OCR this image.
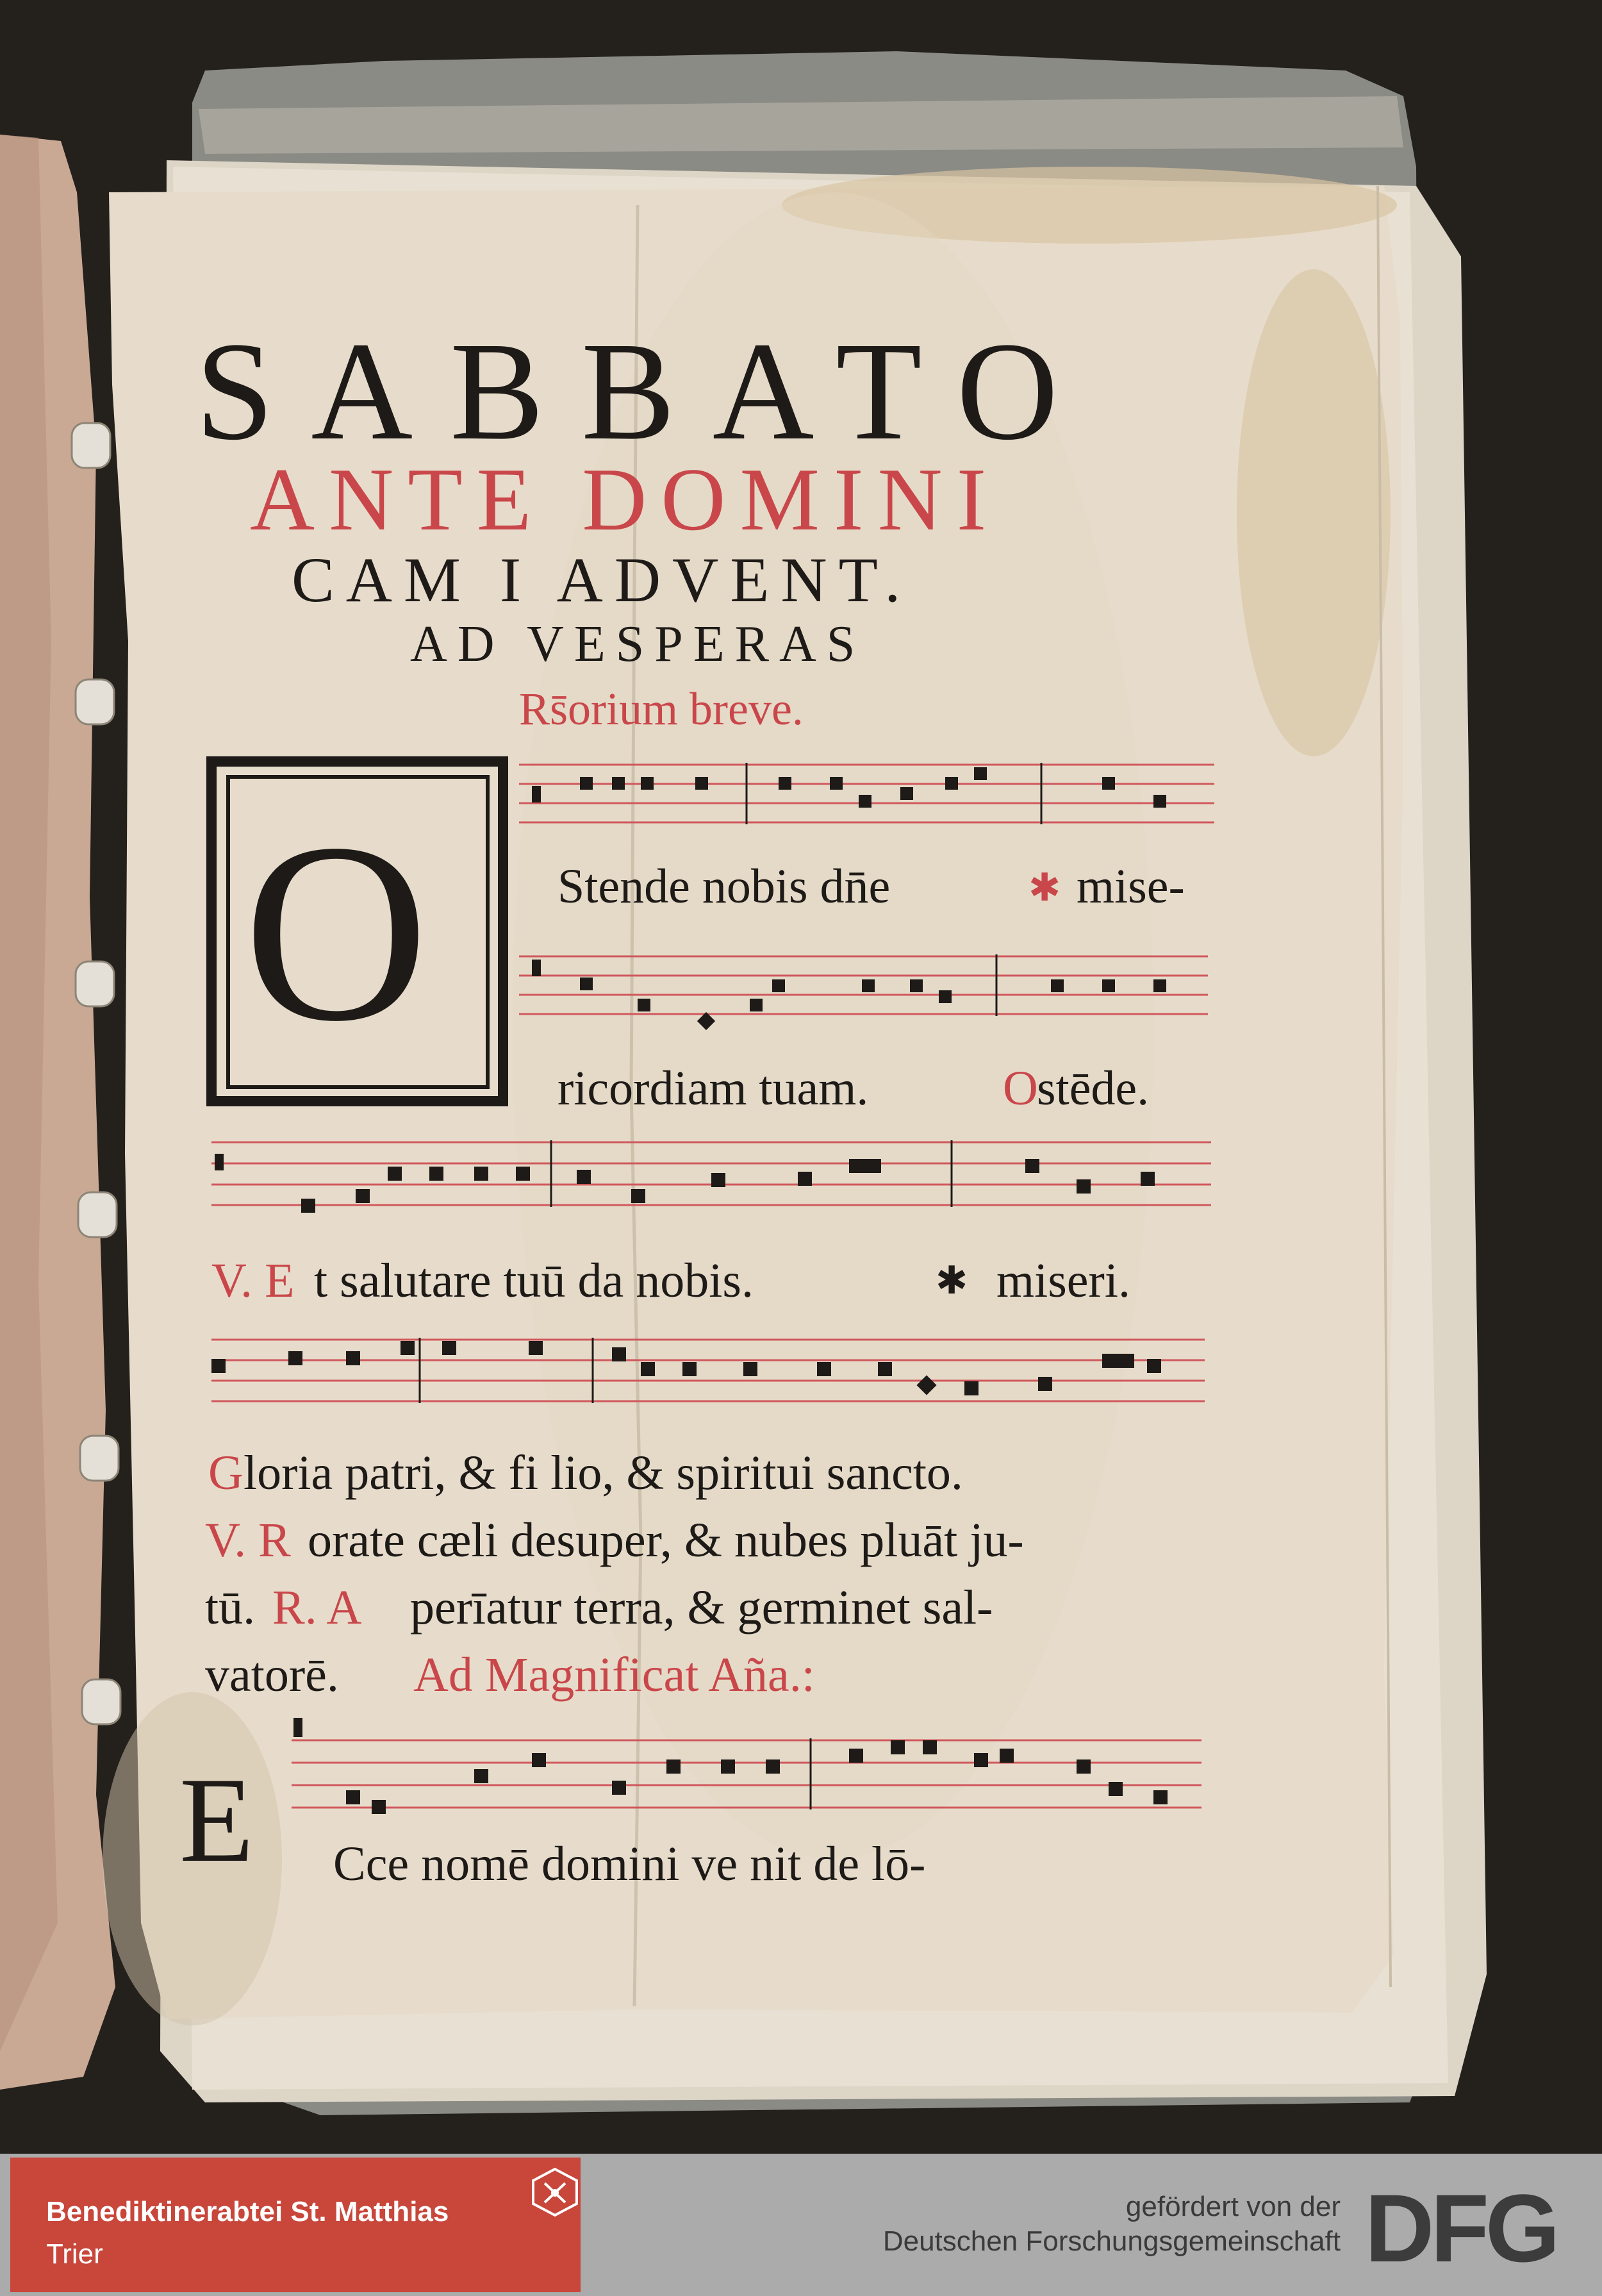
SABBATO
ANTE DOMINI
CAM I ADVENT.
AD VESPERAS
Rs̄orium breve.
O	Stende nobis dn̄e	✱ mise-
ricordiam tuam.	O
stēde.
V. E t salutare tuū da nobis.	✱ miseri.
G loria patri, & fi lio, & spiritui sancto.
V. R orate cæli desuper, & nubes pluāt ju-
tū. R. A perīatur terra, & germinet sal-
vatorē. Ad Magnificat Aña.:
E Cce nomē domini ve nit de lō-
Benediktinerabtei St. Matthias
Trier
gefördert von der
Deutschen Forschungsgemeinschaft DFG
